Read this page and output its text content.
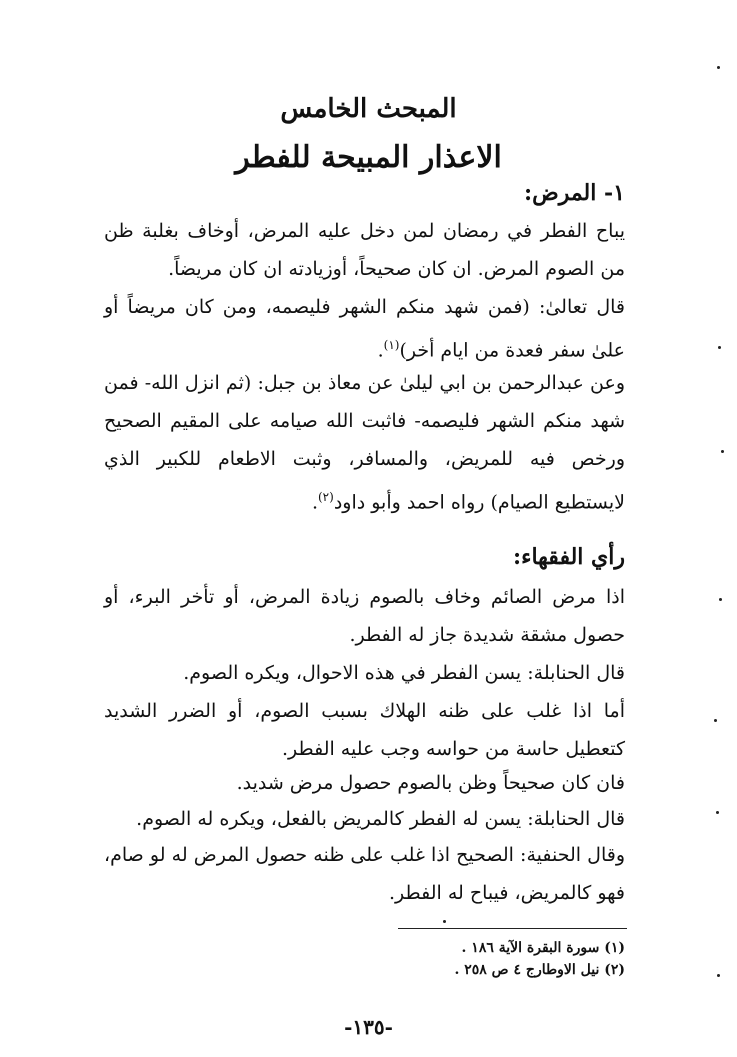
المبحث الخامس
الاعذار المبيحة للفطر
١- المرض:
يباح الفطر في رمضان لمن دخل عليه المرض، أوخاف بغلبة ظن من الصوم المرض. ان كان صحيحاً، أوزيادته ان كان مريضاً.
قال تعالىٰ: (فمن شهد منكم الشهر فليصمه، ومن كان مريضاً أو علىٰ سفر فعدة من ايام أخر)$^{(١)}$.
وعن عبدالرحمن بن ابي ليلىٰ عن معاذ بن جبل: (ثم انزل الله- فمن شهد منكم الشهر فليصمه- فاثبت الله صيامه على المقيم الصحيح ورخص فيه للمريض، والمسافر، وثبت الاطعام للكبير الذي لايستطيع الصيام) رواه احمد وأبو داود$^{(٢)}$.
رأي الفقهاء:
اذا مرض الصائم وخاف بالصوم زيادة المرض، أو تأخر البرء، أو حصول مشقة شديدة جاز له الفطر.
قال الحنابلة: يسن الفطر في هذه الاحوال، ويكره الصوم.
أما اذا غلب على ظنه الهلاك بسبب الصوم، أو الضرر الشديد كتعطيل حاسة من حواسه وجب عليه الفطر.
فان كان صحيحاً وظن بالصوم حصول مرض شديد.
قال الحنابلة: يسن له الفطر كالمريض بالفعل، ويكره له الصوم.
وقال الحنفية: الصحيح اذا غلب على ظنه حصول المرض له لو صام، فهو كالمريض، فيباح له الفطر.
(١) سورة البقرة الآية ١٨٦ .
(٢) نيل الاوطارج ٤ ص ٢٥٨ .
-١٣٥-
